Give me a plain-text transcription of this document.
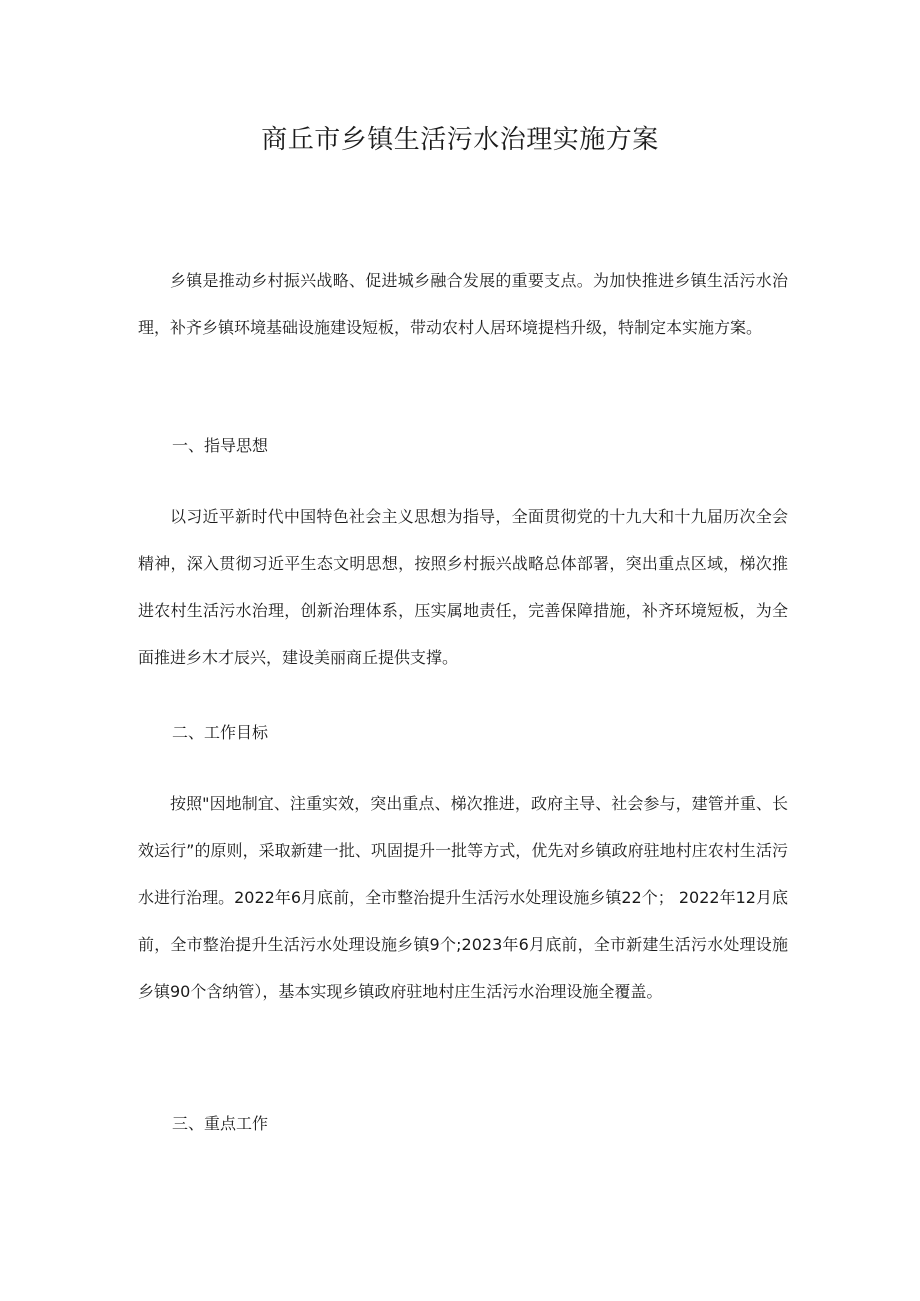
商丘市乡镇生活污水治理实施方案

乡镇是推动乡村振兴战略、促进城乡融合发展的重要支点。为加快推进乡镇生活污水治理，补齐乡镇环境基础设施建设短板，带动农村人居环境提档升级，特制定本实施方案。

一、指导思想

以习近平新时代中国特色社会主义思想为指导，全面贯彻党的十九大和十九届历次全会精神，深入贯彻习近平生态文明思想，按照乡村振兴战略总体部署，突出重点区域，梯次推进农村生活污水治理，创新治理体系，压实属地责任，完善保障措施，补齐环境短板，为全面推进乡木才辰兴，建设美丽商丘提供支撑。

二、工作目标

按照"因地制宜、注重实效，突出重点、梯次推进，政府主导、社会参与，建管并重、长效运行”的原则，采取新建一批、巩固提升一批等方式，优先对乡镇政府驻地村庄农村生活污水进行治理。2022年6月底前，全市整治提升生活污水处理设施乡镇22个； 2022年12月底前，全市整治提升生活污水处理设施乡镇9个;2023年6月底前，全市新建生活污水处理设施乡镇90个含纳管），基本实现乡镇政府驻地村庄生活污水治理设施全覆盖。

三、重点工作
